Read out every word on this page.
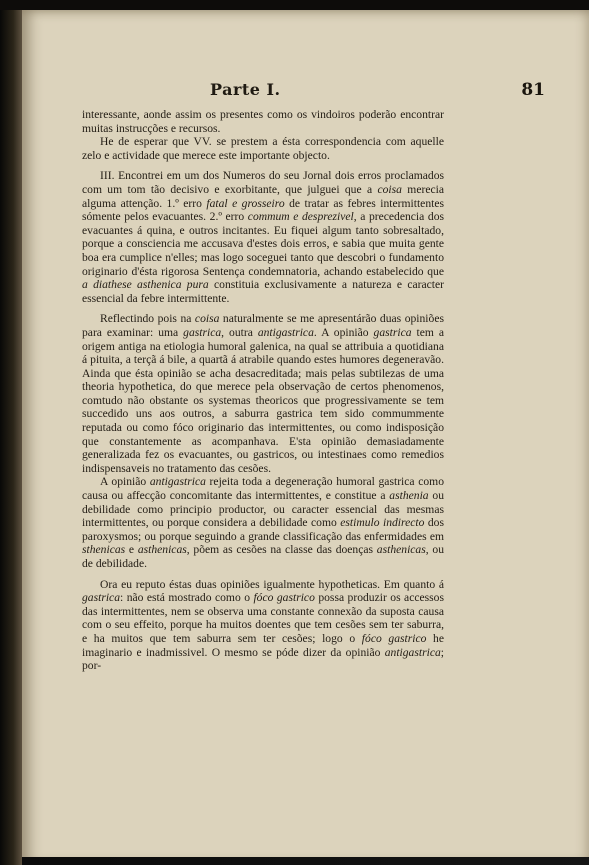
Parte I.	81

interessante, aonde assim os presentes como os vindoiros poderão encontrar muitas instrucções e recursos.

He de esperar que VV. se prestem a ésta correspondencia com aquelle zelo e actividade que merece este importante objecto.

III. Encontrei em um dos Numeros do seu Jornal dois erros proclamados com um tom tão decisivo e exorbitante, que julguei que a coisa merecia alguma attenção. 1.º erro fatal e grosseiro de tratar as febres intermittentes sómente pelos evacuantes. 2.º erro commum e desprezivel, a precedencia dos evacuantes á quina, e outros incitantes. Eu fiquei algum tanto sobresaltado, porque a consciencia me accusava d'estes dois erros, e sabia que muita gente boa era cumplice n'elles; mas logo soceguei tanto que descobri o fundamento originario d'ésta rigorosa Sentença condemnatoria, achando estabelecido que a diathese asthenica pura constituia exclusivamente a natureza e caracter essencial da febre intermittente.

Reflectindo pois na coisa naturalmente se me apresentárão duas opiniões para examinar: uma gastrica, outra antigastrica. A opinião gastrica tem a origem antiga na etiologia humoral galenica, na qual se attribuia a quotidiana á pituita, a terçã á bile, a quartã á atrabile quando estes humores degeneravão. Ainda que ésta opinião se acha desacreditada; mais pelas subtilezas de uma theoria hypothetica, do que merece pela observação de certos phenomenos, comtudo não obstante os systemas theoricos que progressivamente se tem succedido uns aos outros, a saburra gastrica tem sido commummente reputada ou como fóco originario das intermittentes, ou como indisposição que constantemente as acompanhava. E'sta opinião demasiadamente generalizada fez os evacuantes, ou gastricos, ou intestinaes como remedios indispensaveis no tratamento das cesões.

A opinião antigastrica rejeita toda a degeneração humoral gastrica como causa ou affecção concomitante das intermittentes, e constitue a asthenia ou debilidade como principio productor, ou caracter essencial das mesmas intermittentes, ou porque considera a debilidade como estimulo indirecto dos paroxysmos; ou porque seguindo a grande classificação das enfermidades em sthenicas e asthenicas, põem as cesões na classe das doenças asthenicas, ou de debilidade.

Ora eu reputo éstas duas opiniões igualmente hypotheticas. Em quanto á gastrica: não está mostrado como o fóco gastrico possa produzir os accessos das intermittentes, nem se observa uma constante connexão da suposta causa com o seu effeito, porque ha muitos doentes que tem cesões sem ter saburra, e ha muitos que tem saburra sem ter cesões; logo o fóco gastrico he imaginario e inadmissivel. O mesmo se póde dizer da opinião antigastrica; por-
